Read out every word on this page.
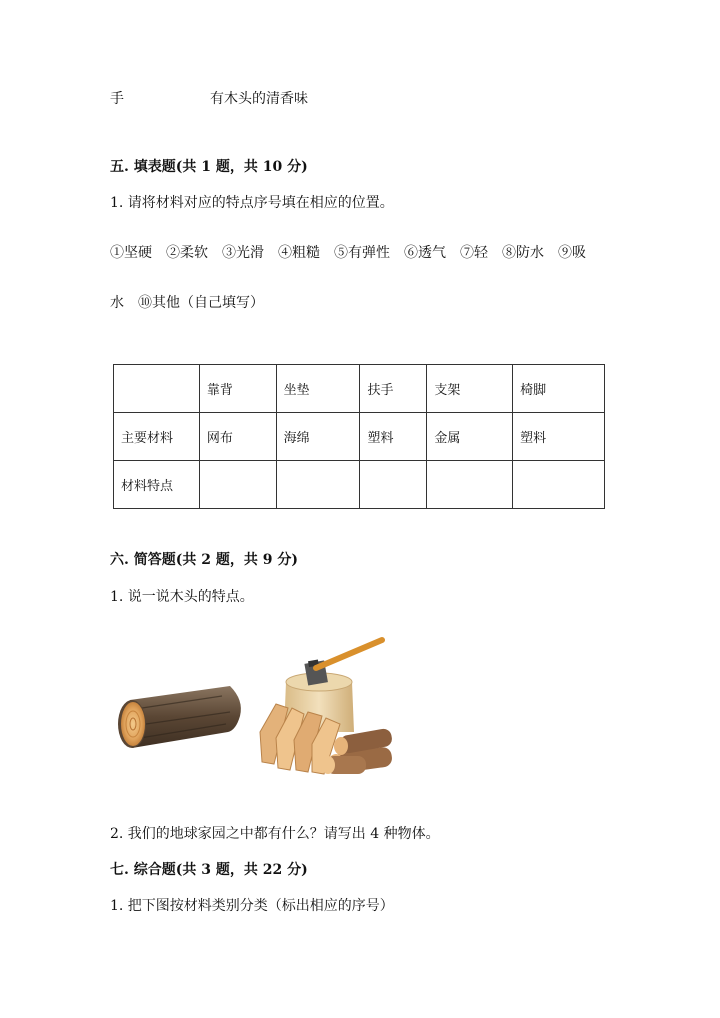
手	有木头的清香味
五. 填表题(共 1 题，共 10 分)
1. 请将材料对应的特点序号填在相应的位置。
①坚硬　②柔软　③光滑　④粗糙　⑤有弹性　⑥透气　⑦轻　⑧防水　⑨吸
水　⑩其他（自己填写）
	靠背	坐垫	扶手	支架	椅脚
主要材料	网布	海绵	塑料	金属	塑料
材料特点					
六. 简答题(共 2 题，共 9 分)
1. 说一说木头的特点。
2. 我们的地球家园之中都有什么？请写出 4 种物体。
七. 综合题(共 3 题，共 22 分)
1. 把下图按材料类别分类（标出相应的序号）
